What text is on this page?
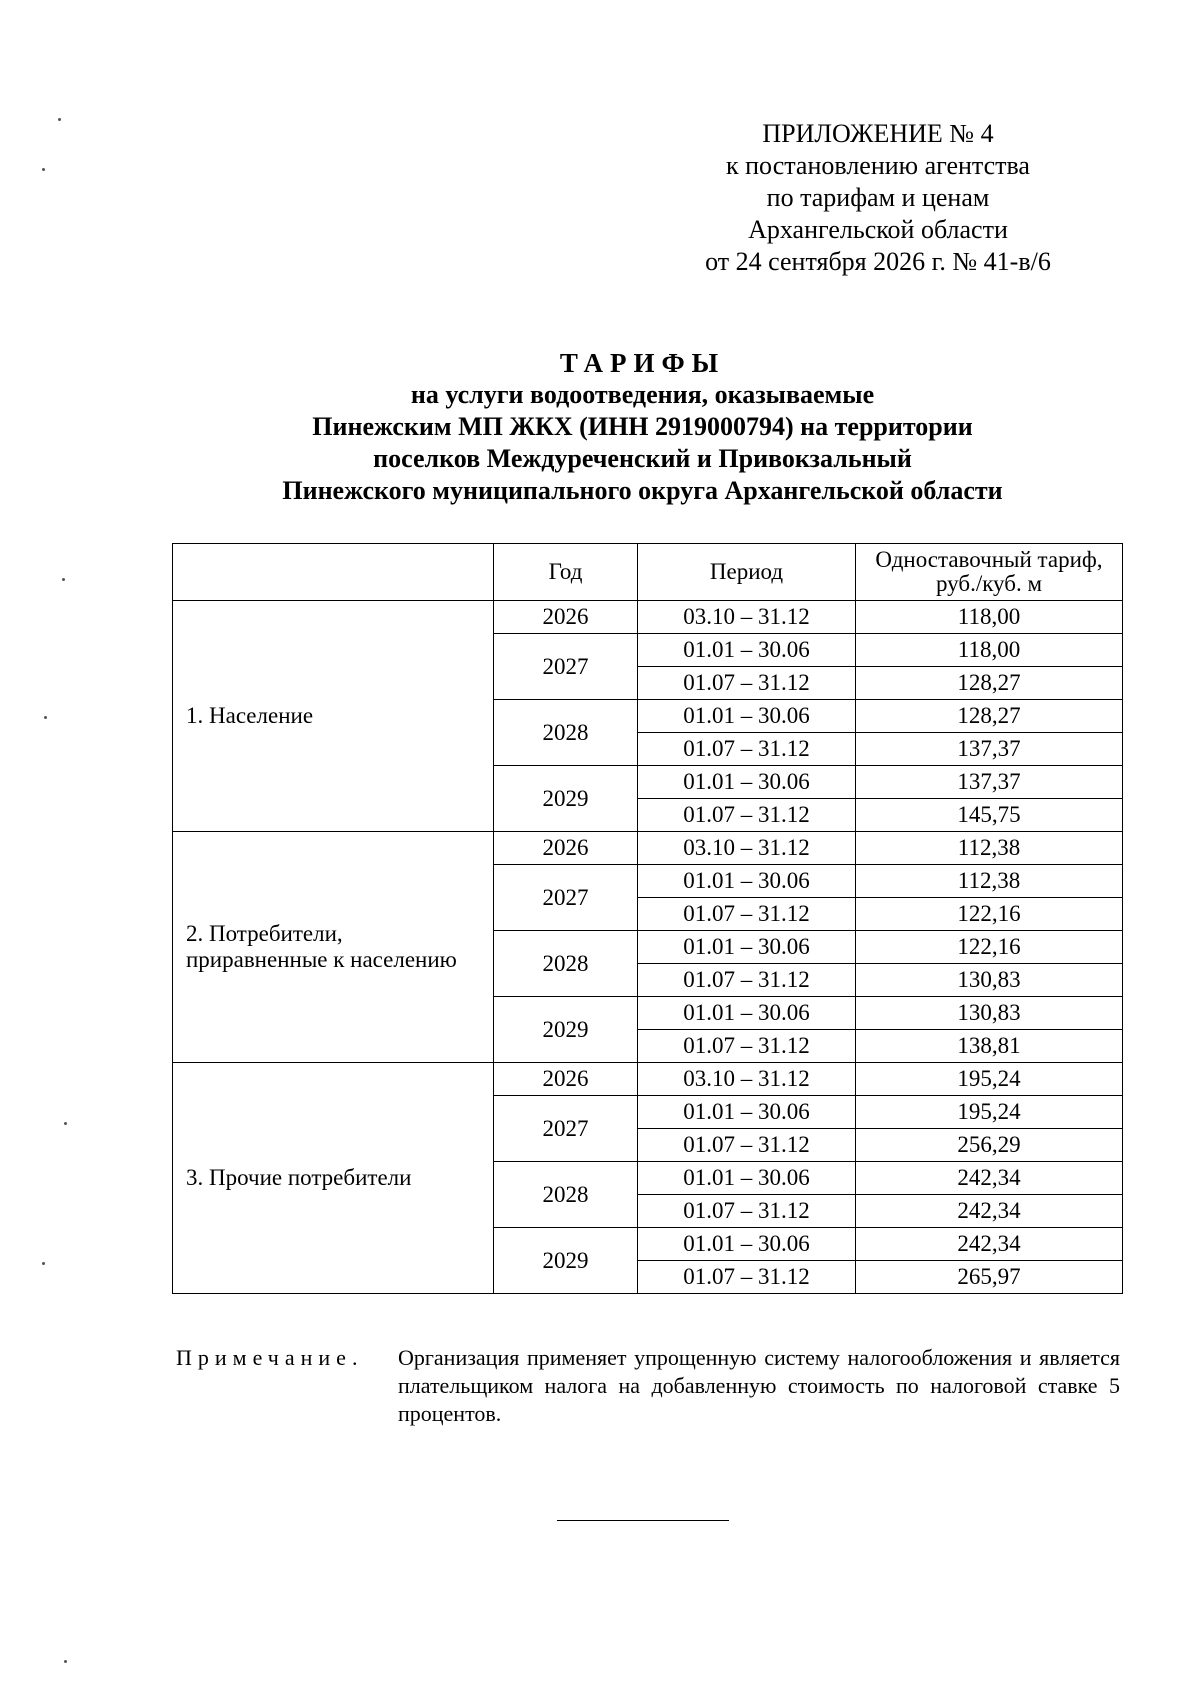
ПРИЛОЖЕНИЕ № 4
к постановлению агентства
по тарифам и ценам
Архангельской области
от 24 сентября 2026 г. № 41-в/6
ТАРИФЫ
на услуги водоотведения, оказываемые
Пинежским МП ЖКХ (ИНН 2919000794) на территории
поселков Междуреченский и Привокзальный
Пинежского муниципального округа Архангельской области
	Год	Период	Одноставочный тариф,
руб./куб. м
1. Население	2026	03.10 – 31.12	118,00
	2027	01.01 – 30.06	118,00
		01.07 – 31.12	128,27
	2028	01.01 – 30.06	128,27
		01.07 – 31.12	137,37
	2029	01.01 – 30.06	137,37
		01.07 – 31.12	145,75
2. Потребители,
приравненные к населению	2026	03.10 – 31.12	112,38
	2027	01.01 – 30.06	112,38
		01.07 – 31.12	122,16
	2028	01.01 – 30.06	122,16
		01.07 – 31.12	130,83
	2029	01.01 – 30.06	130,83
		01.07 – 31.12	138,81
3. Прочие потребители	2026	03.10 – 31.12	195,24
	2027	01.01 – 30.06	195,24
		01.07 – 31.12	256,29
	2028	01.01 – 30.06	242,34
		01.07 – 31.12	242,34
	2029	01.01 – 30.06	242,34
		01.07 – 31.12	265,97
Примечание. Организация применяет упрощенную систему налогообложения и является плательщиком налога на добавленную стоимость по налоговой ставке 5 процентов.
